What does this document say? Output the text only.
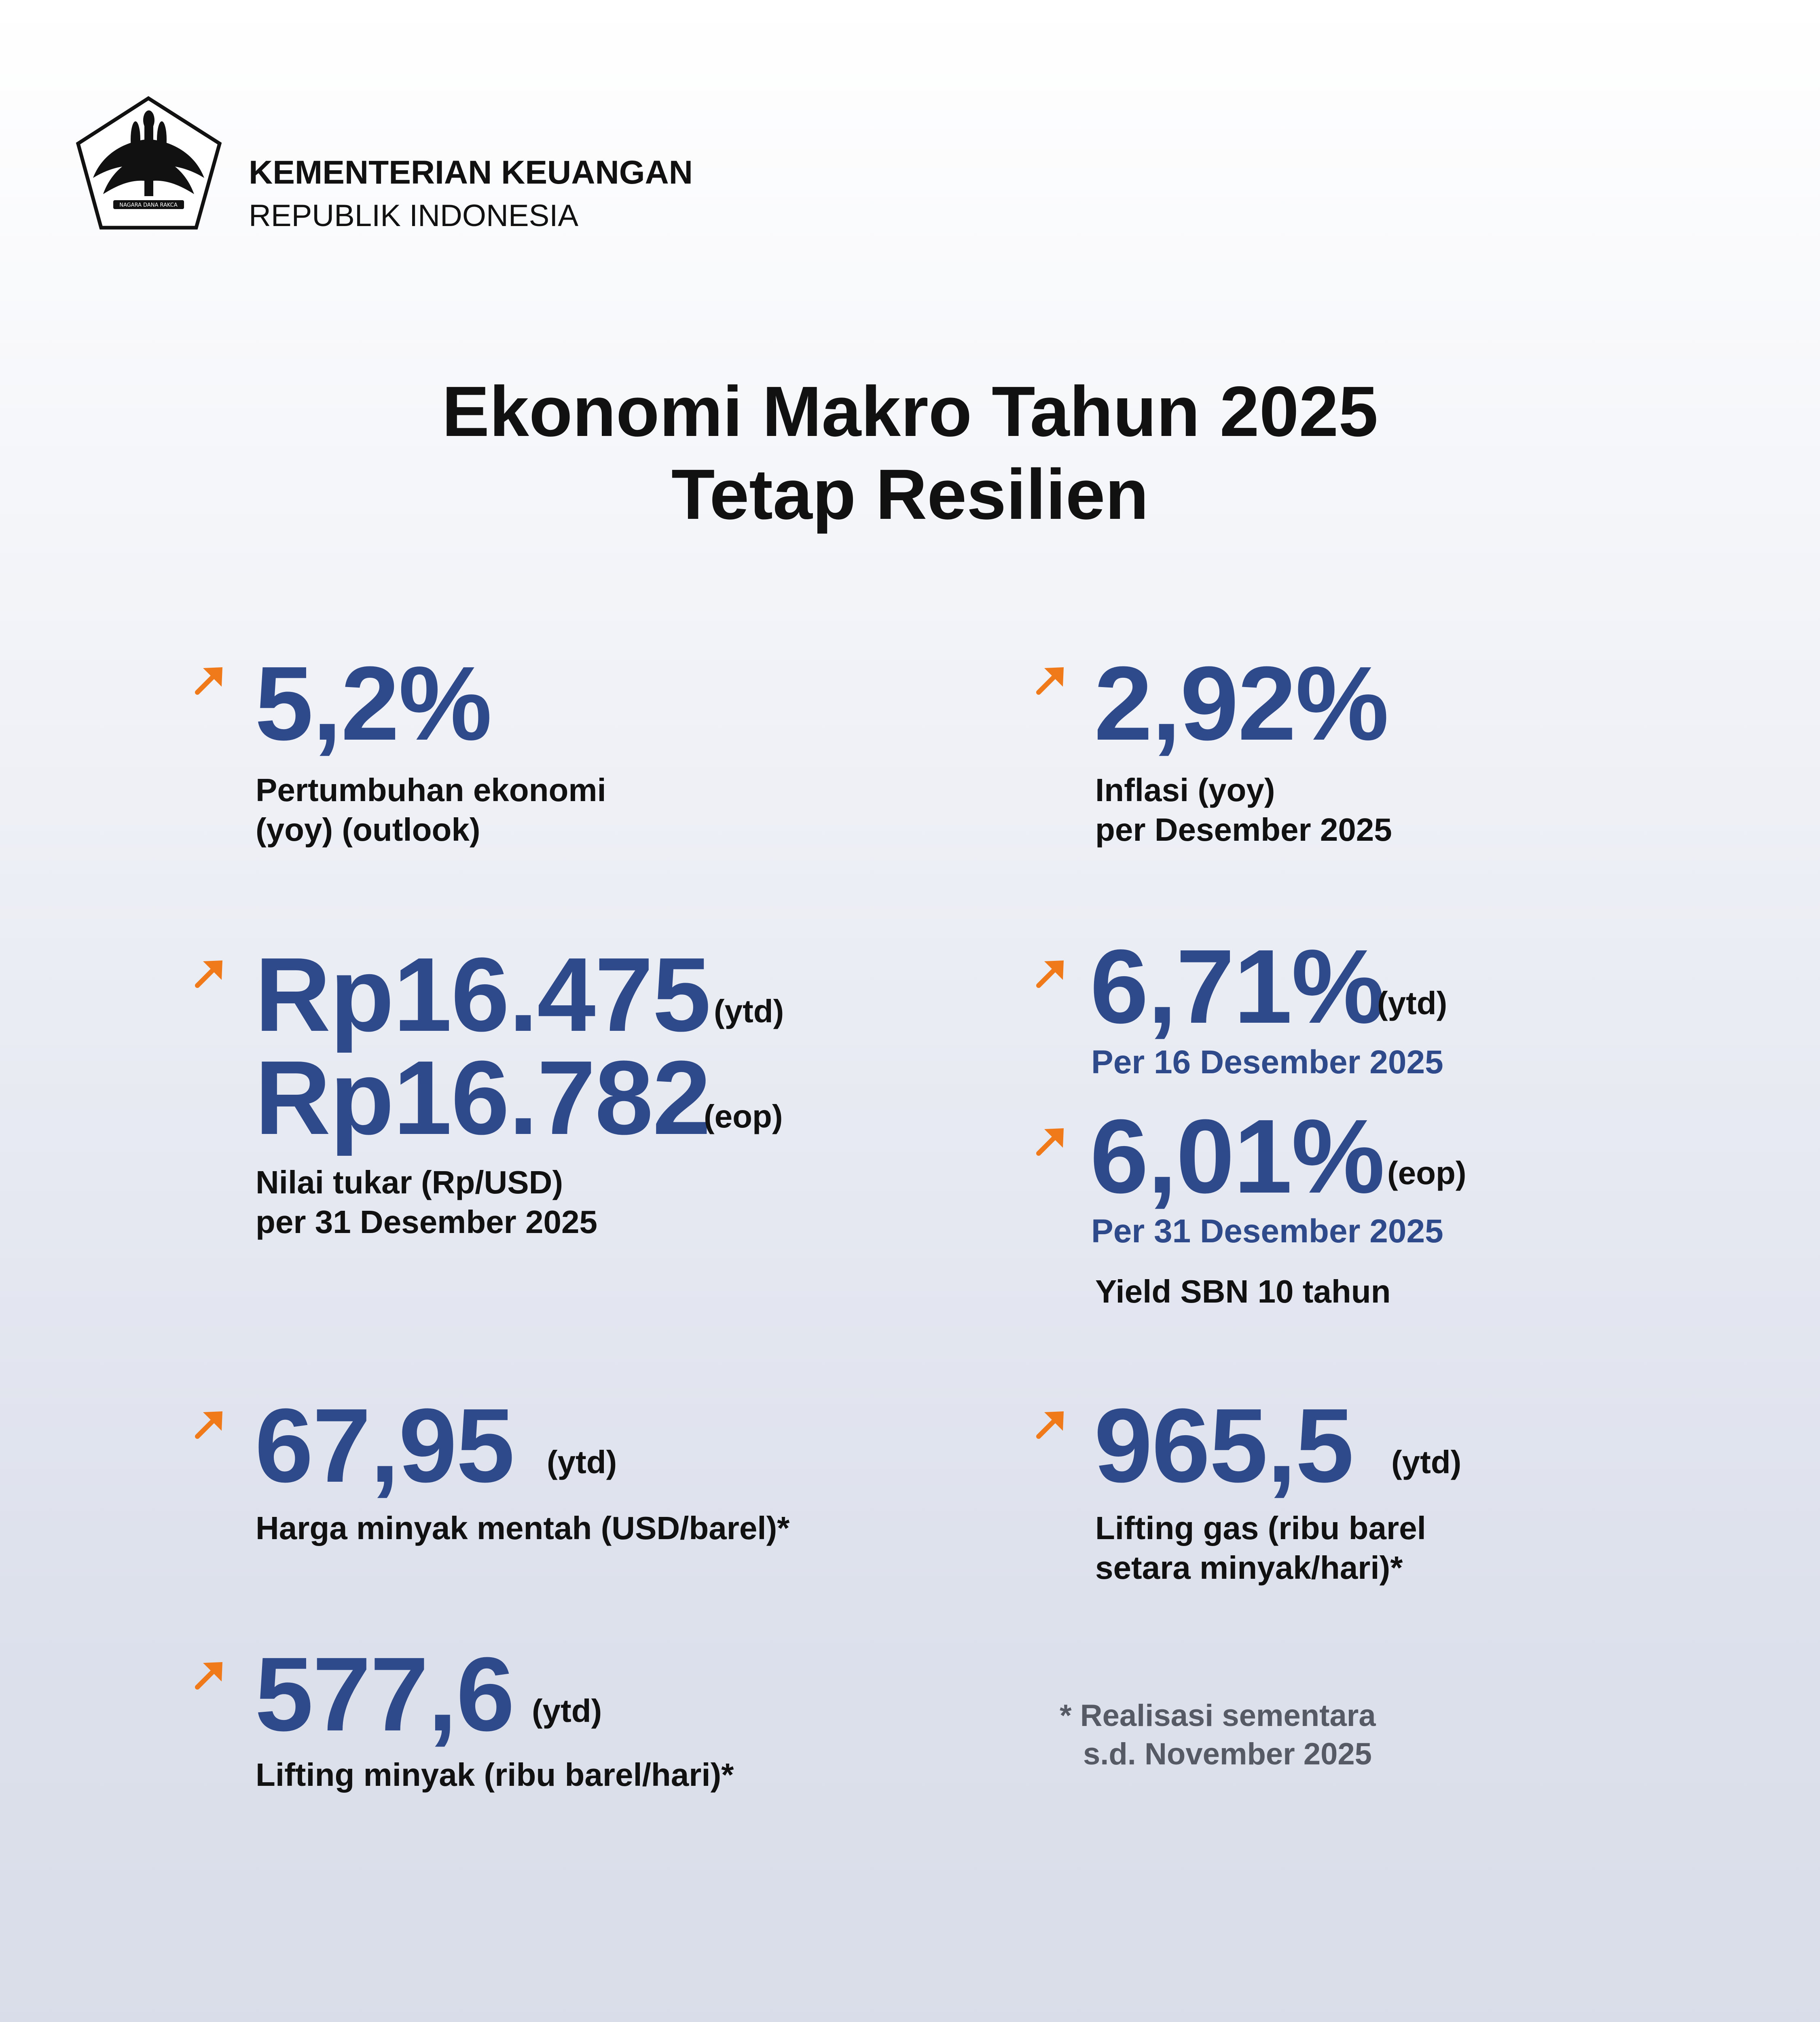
NAGARA DANA RAKCA
KEMENTERIAN KEUANGAN
REPUBLIK INDONESIA
Ekonomi Makro Tahun 2025
Tetap Resilien
5,2%
Pertumbuhan ekonomi
(yoy) (outlook)
2,92%
Inflasi (yoy)
per Desember 2025
Rp16.475 (ytd)
Rp16.782
(eop)
Nilai tukar (Rp/USD)
per 31 Desember 2025
6,71%
(ytd)
Per 16 Desember 2025
6,01% (eop)
Per 31 Desember 2025
Yield SBN 10 tahun
67,95 (ytd)
Harga minyak mentah (USD/barel)*
965,5 (ytd)
Lifting gas (ribu barel
setara minyak/hari)*
577,6 (ytd)
Lifting minyak (ribu barel/hari)*
* Realisasi sementara
s.d. November 2025
